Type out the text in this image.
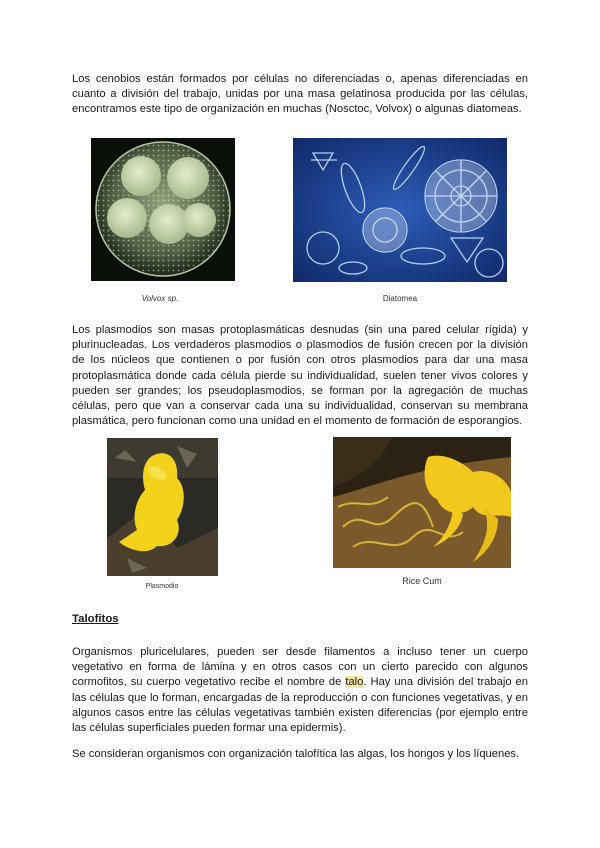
Los cenobios están formados por células no diferenciadas o, apenas diferenciadas en cuanto a división del trabajo, unidas por una masa gelatinosa producida por las células, encontramos este tipo de organización en muchas (Nosctoc, Volvox) o algunas diatomeas.

Volvox sp.	Diatomea

Los plasmodios son masas protoplasmáticas desnudas (sin una pared celular rígida) y plurinucleadas. Los verdaderos plasmodios o plasmodios de fusión crecen por la división de los núcleos que contienen o por fusión con otros plasmodios para dar una masa protoplasmática donde cada célula pierde su individualidad, suelen tener vivos colores y pueden ser grandes; los pseudoplasmodios, se forman por la agregación de muchas células, pero que van a conservar cada una su individualidad, conservan su membrana plasmática, pero funcionan como una unidad en el momento de formación de esporangios.

Plasmodio
Rice Cum
Talofitos

Organismos pluricelulares, pueden ser desde filamentos a incluso tener un cuerpo vegetativo en forma de lámina y en otros casos con un cierto parecido con algunos cormofitos, su cuerpo vegetativo recibe el nombre de talo. Hay una división del trabajo en las células que lo forman, encargadas de la reproducción o con funciones vegetativas, y en algunos casos entre las células vegetativas también existen diferencias (por ejemplo entre las células superficiales pueden formar una epidermis).

Se consideran organismos con organización talofítica las algas, los hongos y los líquenes.
